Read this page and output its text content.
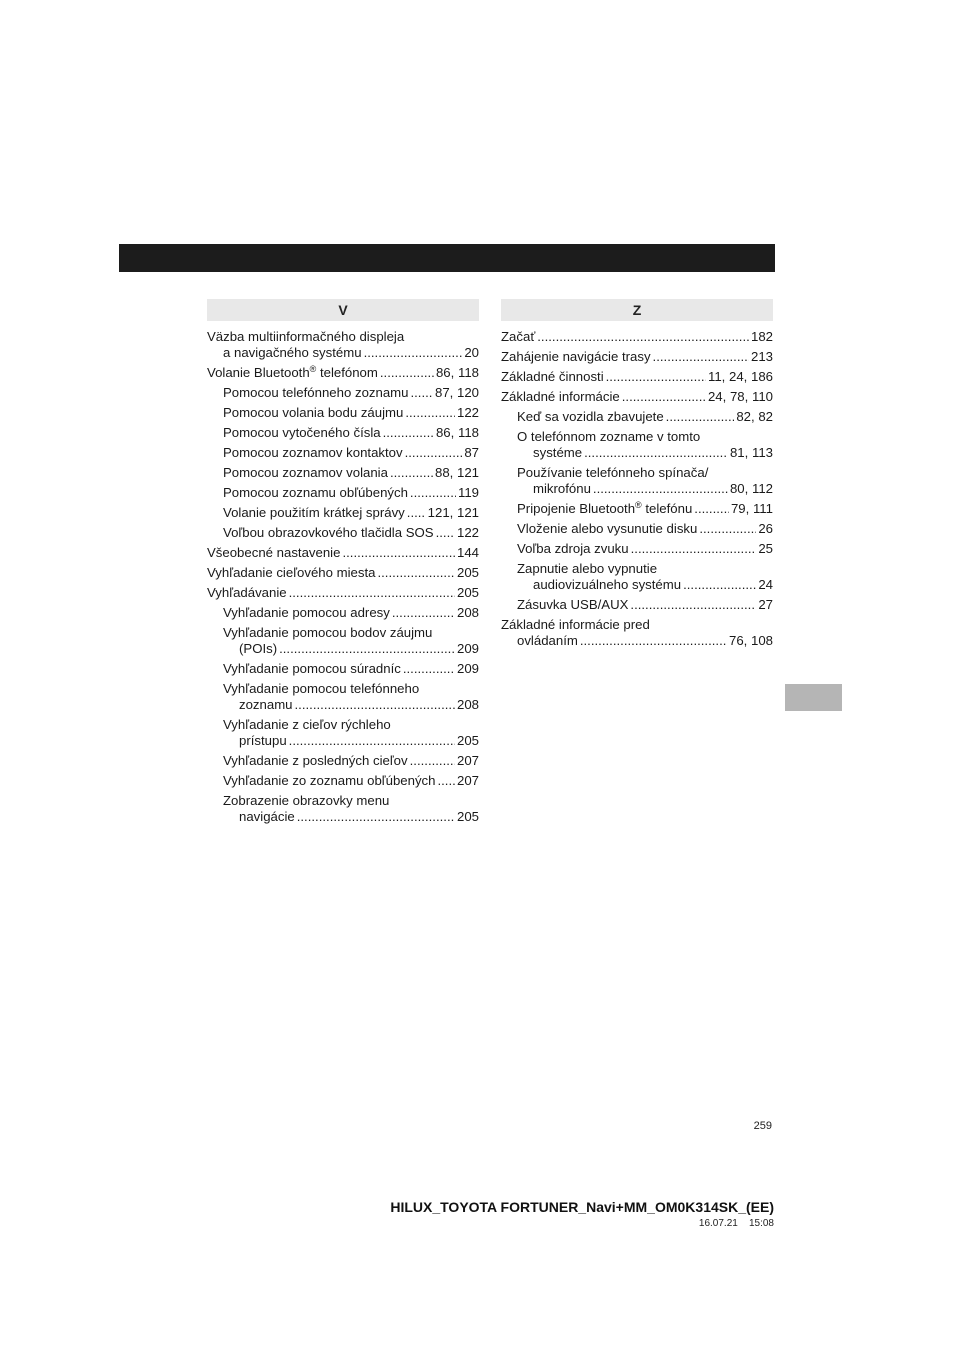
V
Väzba multiinformačného displeja
a navigačného systému .....	20
Volanie Bluetooth® telefónom .....	86, 118
Pomocou telefónneho zoznamu ..... 87, 120
Pomocou volania bodu záujmu .....	122
Pomocou vytočeného čísla .....	86, 118
Pomocou zoznamov kontaktov .....	87
Pomocou zoznamov volania .....	88, 121
Pomocou zoznamu obľúbených .....	119
Volanie použitím krátkej správy ..... 121, 121
Voľbou obrazovkového tlačidla SOS ..... 122
Všeobecné nastavenie .....	144
Vyhľadanie cieľového miesta .....	205
Vyhľadávanie .....	205
Vyhľadanie pomocou adresy .....	208
Vyhľadanie pomocou bodov záujmu
(POIs) .....	209
Vyhľadanie pomocou súradníc .....	209
Vyhľadanie pomocou telefónneho
zoznamu .....	208
Vyhľadanie z cieľov rýchleho
prístupu .....	205
Vyhľadanie z posledných cieľov .....	207
Vyhľadanie zo zoznamu obľúbených ..... 207
Zobrazenie obrazovky menu
navigácie .....	205
Z
Začať .....	182
Zahájenie navigácie trasy .....	213
Základné činnosti .....	11, 24, 186
Základné informácie .....	24, 78, 110
Keď sa vozidla zbavujete .....	82, 82
O telefónnom zozname v tomto
systéme .....	81, 113
Používanie telefónneho spínača/
mikrofónu .....	80, 112
Pripojenie Bluetooth® telefónu .....	79, 111
Vloženie alebo vysunutie disku .....	26
Voľba zdroja zvuku .....	25
Zapnutie alebo vypnutie
audiovizuálneho systému .....	24
Zásuvka USB/AUX .....	27
Základné informácie pred
ovládaním .....	76, 108
259
HILUX_TOYOTA FORTUNER_Navi+MM_OM0K314SK_(EE)
16.07.21 15:08
